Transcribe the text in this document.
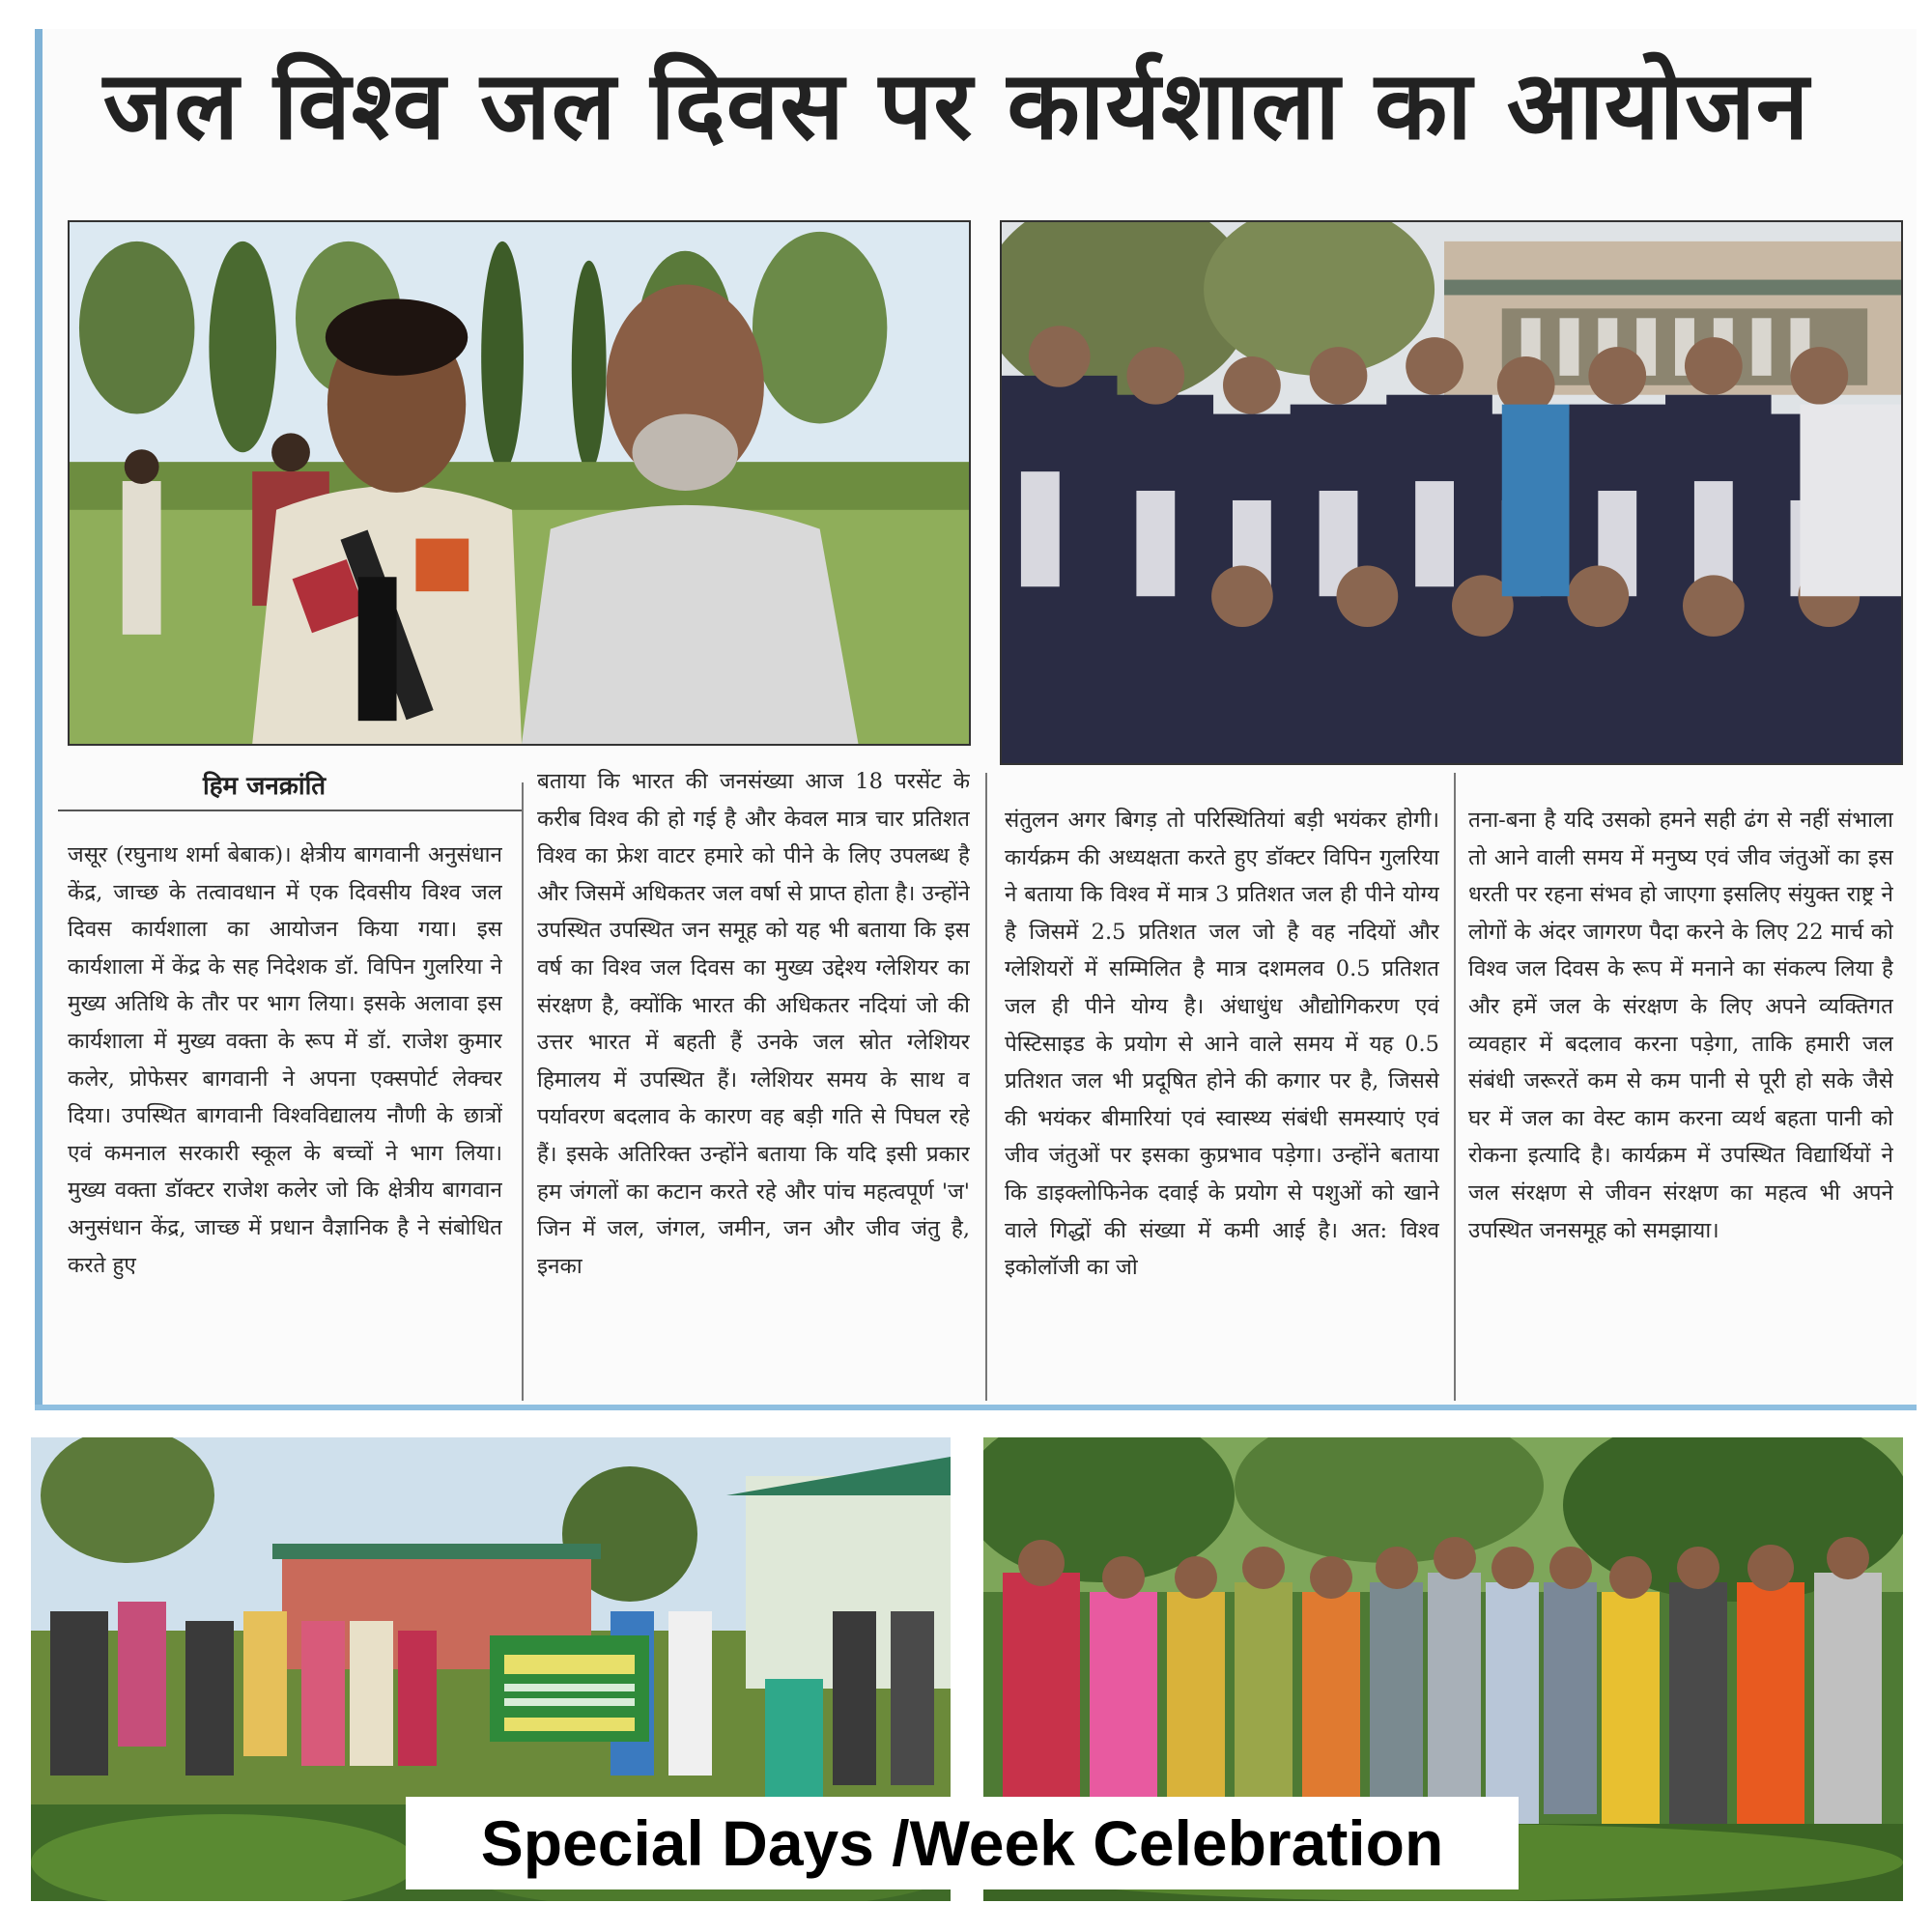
जल विश्व जल दिवस पर कार्यशाला का आयोजन
हिम जनक्रांति
जसूर (रघुनाथ शर्मा बेबाक)। क्षेत्रीय बागवानी अनुसंधान केंद्र, जाच्छ के तत्वावधान में एक दिवसीय विश्व जल दिवस कार्यशाला का आयोजन किया गया। इस कार्यशाला में केंद्र के सह निदेशक डॉ. विपिन गुलरिया ने मुख्य अतिथि के तौर पर भाग लिया। इसके अलावा इस कार्यशाला में मुख्य वक्ता के रूप में डॉ. राजेश कुमार कलेर, प्रोफेसर बागवानी ने अपना एक्सपोर्ट लेक्चर दिया। उपस्थित बागवानी विश्वविद्यालय नौणी के छात्रों एवं कमनाल सरकारी स्कूल के बच्चों ने भाग लिया। मुख्य वक्ता डॉक्टर राजेश कलेर जो कि क्षेत्रीय बागवान अनुसंधान केंद्र, जाच्छ में प्रधान वैज्ञानिक है ने संबोधित करते हुए
बताया कि भारत की जनसंख्या आज 18 परसेंट के करीब विश्व की हो गई है और केवल मात्र चार प्रतिशत विश्व का फ्रेश वाटर हमारे को पीने के लिए उपलब्ध है और जिसमें अधिकतर जल वर्षा से प्राप्त होता है। उन्होंने उपस्थित उपस्थित जन समूह को यह भी बताया कि इस वर्ष का विश्व जल दिवस का मुख्य उद्देश्य ग्लेशियर का संरक्षण है, क्योंकि भारत की अधिकतर नदियां जो की उत्तर भारत में बहती हैं उनके जल स्रोत ग्लेशियर हिमालय में उपस्थित हैं। ग्लेशियर समय के साथ व पर्यावरण बदलाव के कारण वह बड़ी गति से पिघल रहे हैं। इसके अतिरिक्त उन्होंने बताया कि यदि इसी प्रकार हम जंगलों का कटान करते रहे और पांच महत्वपूर्ण 'ज' जिन में जल, जंगल, जमीन, जन और जीव जंतु है, इनका
संतुलन अगर बिगड़ तो परिस्थितियां बड़ी भयंकर होगी। कार्यक्रम की अध्यक्षता करते हुए डॉक्टर विपिन गुलरिया ने बताया कि विश्व में मात्र 3 प्रतिशत जल ही पीने योग्य है जिसमें 2.5 प्रतिशत जल जो है वह नदियों और ग्लेशियरों में सम्मिलित है मात्र दशमलव 0.5 प्रतिशत जल ही पीने योग्य है। अंधाधुंध औद्योगिकरण एवं पेस्टिसाइड के प्रयोग से आने वाले समय में यह 0.5 प्रतिशत जल भी प्रदूषित होने की कगार पर है, जिससे की भयंकर बीमारियां एवं स्वास्थ्य संबंधी समस्याएं एवं जीव जंतुओं पर इसका कुप्रभाव पड़ेगा। उन्होंने बताया कि डाइक्लोफिनेक दवाई के प्रयोग से पशुओं को खाने वाले गिद्धों की संख्या में कमी आई है। अत: विश्व इकोलॉजी का जो
तना-बना है यदि उसको हमने सही ढंग से नहीं संभाला तो आने वाली समय में मनुष्य एवं जीव जंतुओं का इस धरती पर रहना संभव हो जाएगा इसलिए संयुक्त राष्ट्र ने लोगों के अंदर जागरण पैदा करने के लिए 22 मार्च को विश्व जल दिवस के रूप में मनाने का संकल्प लिया है और हमें जल के संरक्षण के लिए अपने व्यक्तिगत व्यवहार में बदलाव करना पड़ेगा, ताकि हमारी जल संबंधी जरूरतें कम से कम पानी से पूरी हो सके जैसे घर में जल का वेस्ट काम करना व्यर्थ बहता पानी को रोकना इत्यादि है। कार्यक्रम में उपस्थित विद्यार्थियों ने जल संरक्षण से जीवन संरक्षण का महत्व भी अपने उपस्थित जनसमूह को समझाया।
Special Days /Week Celebration
